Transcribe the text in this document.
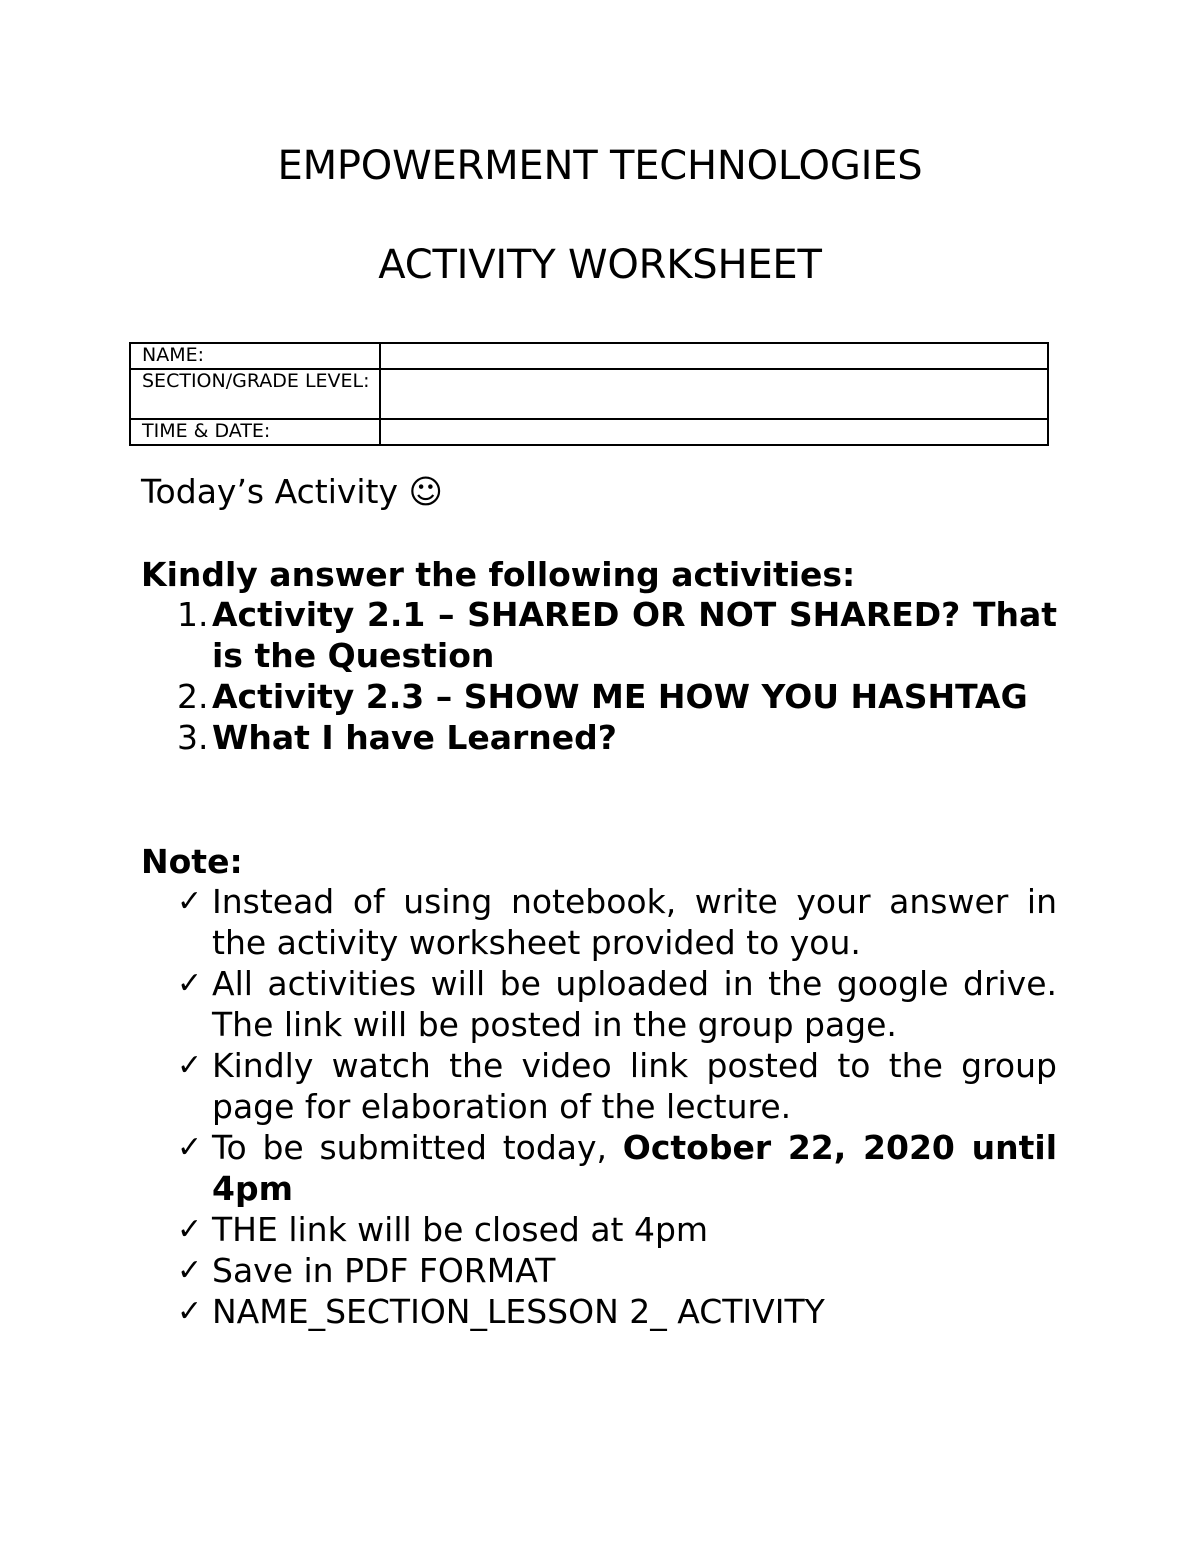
EMPOWERMENT TECHNOLOGIES
ACTIVITY WORKSHEET
NAME:	
SECTION/GRADE LEVEL:	
TIME & DATE:	
Today’s Activity ☺
Kindly answer the following activities:
1. Activity 2.1 – SHARED OR NOT SHARED? That is the Question
2. Activity 2.3 – SHOW ME HOW YOU HASHTAG
3. What I have Learned?
Note:
✓ Instead of using notebook, write your answer in the activity worksheet provided to you.
✓ All activities will be uploaded in the google drive. The link will be posted in the group page.
✓ Kindly watch the video link posted to the group page for elaboration of the lecture.
✓ To be submitted today, October 22, 2020 until 4pm
✓ THE link will be closed at 4pm
✓ Save in PDF FORMAT
✓ NAME_SECTION_LESSON 2_ ACTIVITY
